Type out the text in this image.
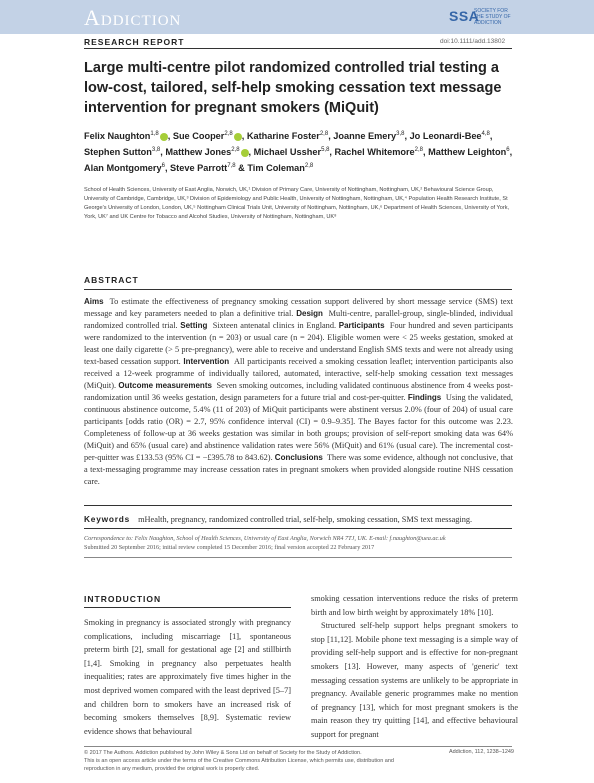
Addiction	SSA
SOCIETY FOR THE STUDY OF ADDICTION
RESEARCH REPORT	doi:10.1111/add.13802
Large multi-centre pilot randomized controlled trial testing a low-cost, tailored, self-help smoking cessation text message intervention for pregnant smokers (MiQuit)
Felix Naughton$^{1,8}$ , Sue Cooper$^{2,8}$ , Katharine Foster$^{2,8}$, Joanne Emery$^{3,8}$, Jo Leonardi-Bee$^{4,8}$, Stephen Sutton$^{3,8}$, Matthew Jones$^{2,8}$ , Michael Ussher$^{5,8}$, Rachel Whitemore$^{2,8}$, Matthew Leighton$^6$, Alan Montgomery$^6$, Steve Parrott$^{7,8}$ & Tim Coleman$^{2,8}$
School of Health Sciences, University of East Anglia, Norwich, UK,¹ Division of Primary Care, University of Nottingham, Nottingham, UK,² Behavioural Science Group, University of Cambridge, Cambridge, UK,³ Division of Epidemiology and Public Health, University of Nottingham, Nottingham, UK,⁴ Population Health Research Institute, St George's University of London, London, UK,⁵ Nottingham Clinical Trials Unit, University of Nottingham, Nottingham, UK,⁶ Department of Health Sciences, University of York, York, UK⁷ and UK Centre for Tobacco and Alcohol Studies, University of Nottingham, Nottingham, UK⁸
ABSTRACT
Aims To estimate the effectiveness of pregnancy smoking cessation support delivered by short message service (SMS) text message and key parameters needed to plan a definitive trial. Design Multi-centre, parallel-group, single-blinded, individual randomized controlled trial. Setting Sixteen antenatal clinics in England. Participants Four hundred and seven participants were randomized to the intervention (n = 203) or usual care (n = 204). Eligible women were < 25 weeks gestation, smoked at least one daily cigarette (> 5 pre-pregnancy), were able to receive and understand English SMS texts and were not already using text-based cessation support. Intervention All participants received a smoking cessation leaflet; intervention participants also received a 12-week programme of individually tailored, automated, interactive, self-help smoking cessation text messages (MiQuit). Outcome measurements Seven smoking outcomes, including validated continuous abstinence from 4 weeks post-randomization until 36 weeks gestation, design parameters for a future trial and cost-per-quitter. Findings Using the validated, continuous abstinence outcome, 5.4% (11 of 203) of MiQuit participants were abstinent versus 2.0% (four of 204) of usual care participants [odds ratio (OR) = 2.7, 95% confidence interval (CI) = 0.9–9.35]. The Bayes factor for this outcome was 2.23. Completeness of follow-up at 36 weeks gestation was similar in both groups; provision of self-report smoking data was 64% (MiQuit) and 65% (usual care) and abstinence validation rates were 56% (MiQuit) and 61% (usual care). The incremental cost-per-quitter was £133.53 (95% CI = −£395.78 to 843.62). Conclusions There was some evidence, although not conclusive, that a text-messaging programme may increase cessation rates in pregnant smokers when provided alongside routine NHS cessation care.
Keywords mHealth, pregnancy, randomized controlled trial, self-help, smoking cessation, SMS text messaging.
Correspondence to: Felix Naughton, School of Health Sciences, University of East Anglia, Norwich NR4 7TJ, UK. E-mail: f.naughton@uea.ac.uk
Submitted 20 September 2016; initial review completed 15 December 2016; final version accepted 22 February 2017
INTRODUCTION

Smoking in pregnancy is associated strongly with pregnancy complications, including miscarriage [1], spontaneous preterm birth [2], small for gestational age [2] and stillbirth [1,4]. Smoking in pregnancy also perpetuates health inequalities; rates are approximately five times higher in the most deprived women compared with the least deprived [5–7] and children born to smokers have an increased risk of becoming smokers themselves [8,9]. Systematic review evidence shows that behavioural

smoking cessation interventions reduce the risks of preterm birth and low birth weight by approximately 18% [10].

Structured self-help support helps pregnant smokers to stop [11,12]. Mobile phone text messaging is a simple way of providing self-help support and is effective for non-pregnant smokers [13]. However, many aspects of 'generic' text messaging cessation systems are unlikely to be appropriate in pregnancy. Available generic programmes make no mention of pregnancy [13], which for most pregnant smokers is the main reason they try quitting [14], and effective behavioural support for pregnant

© 2017 The Authors. Addiction published by John Wiley & Sons Ltd on behalf of Society for the Study of Addiction.
This is an open access article under the terms of the Creative Commons Attribution License, which permits use, distribution and reproduction in any medium, provided the original work is properly cited.
Addiction, 112, 1238–1249
